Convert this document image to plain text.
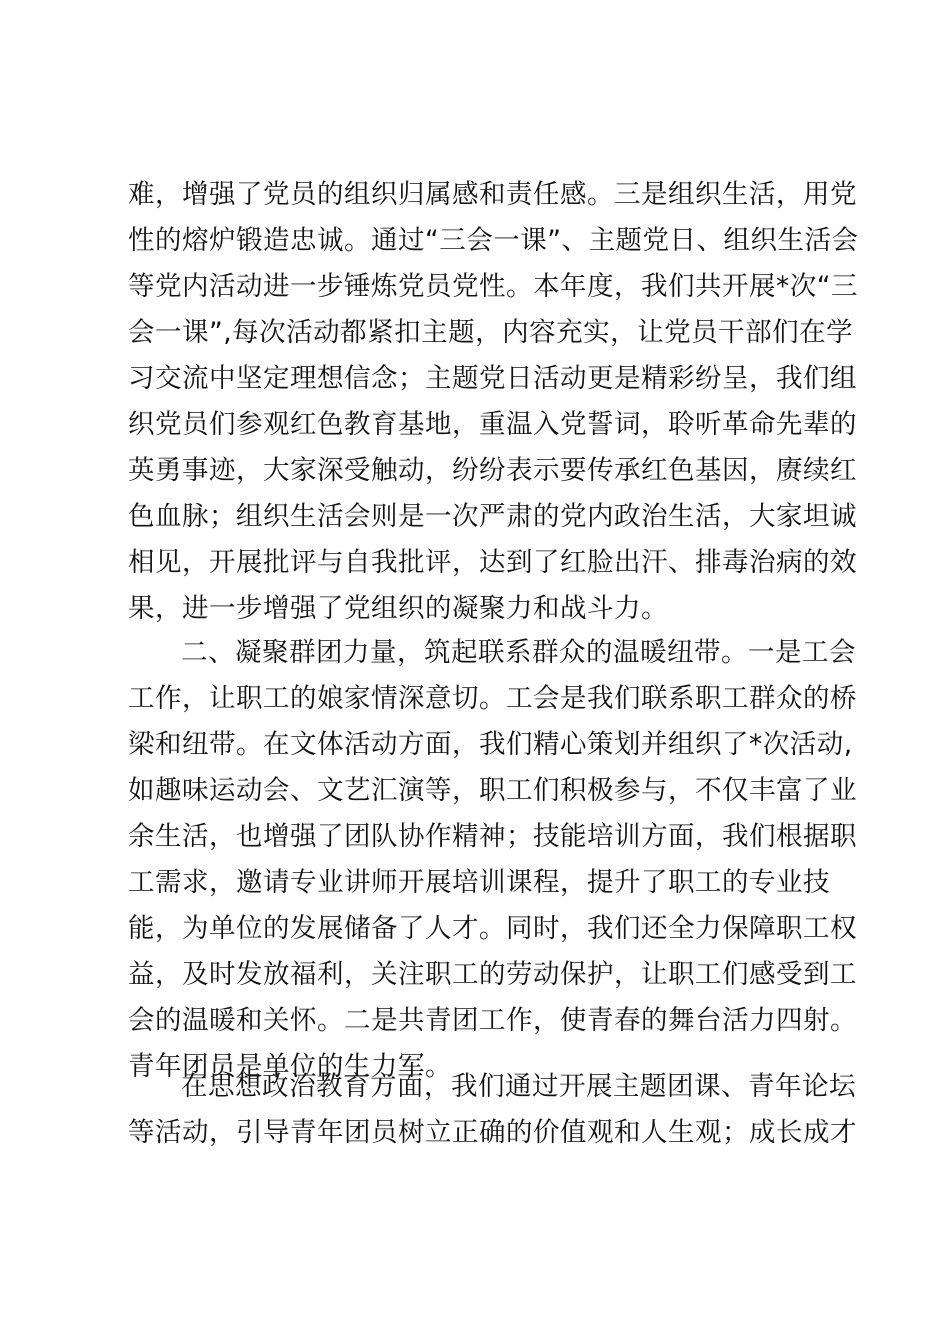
难，增强了党员的组织归属感和责任感。三是组织生活，用党
性的熔炉锻造忠诚。通过“三会一课”、主题党日、组织生活会
等党内活动进一步锤炼党员党性。本年度，我们共开展*次“三
会一课”,每次活动都紧扣主题，内容充实，让党员干部们在学
习交流中坚定理想信念；主题党日活动更是精彩纷呈，我们组
织党员们参观红色教育基地，重温入党誓词，聆听革命先辈的
英勇事迹，大家深受触动，纷纷表示要传承红色基因，赓续红
色血脉；组织生活会则是一次严肃的党内政治生活，大家坦诚
相见，开展批评与自我批评，达到了红脸出汗、排毒治病的效
果，进一步增强了党组织的凝聚力和战斗力。
二、凝聚群团力量，筑起联系群众的温暖纽带。一是工会
工作，让职工的娘家情深意切。工会是我们联系职工群众的桥
梁和纽带。在文体活动方面，我们精心策划并组织了*次活动,
如趣味运动会、文艺汇演等，职工们积极参与，不仅丰富了业
余生活，也增强了团队协作精神；技能培训方面，我们根据职
工需求，邀请专业讲师开展培训课程，提升了职工的专业技
能，为单位的发展储备了人才。同时，我们还全力保障职工权
益，及时发放福利，关注职工的劳动保护，让职工们感受到工
会的温暖和关怀。二是共青团工作，使青春的舞台活力四射。
青年团员是单位的生力军。
在思想政治教育方面，我们通过开展主题团课、青年论坛
等活动，引导青年团员树立正确的价值观和人生观；成长成才
